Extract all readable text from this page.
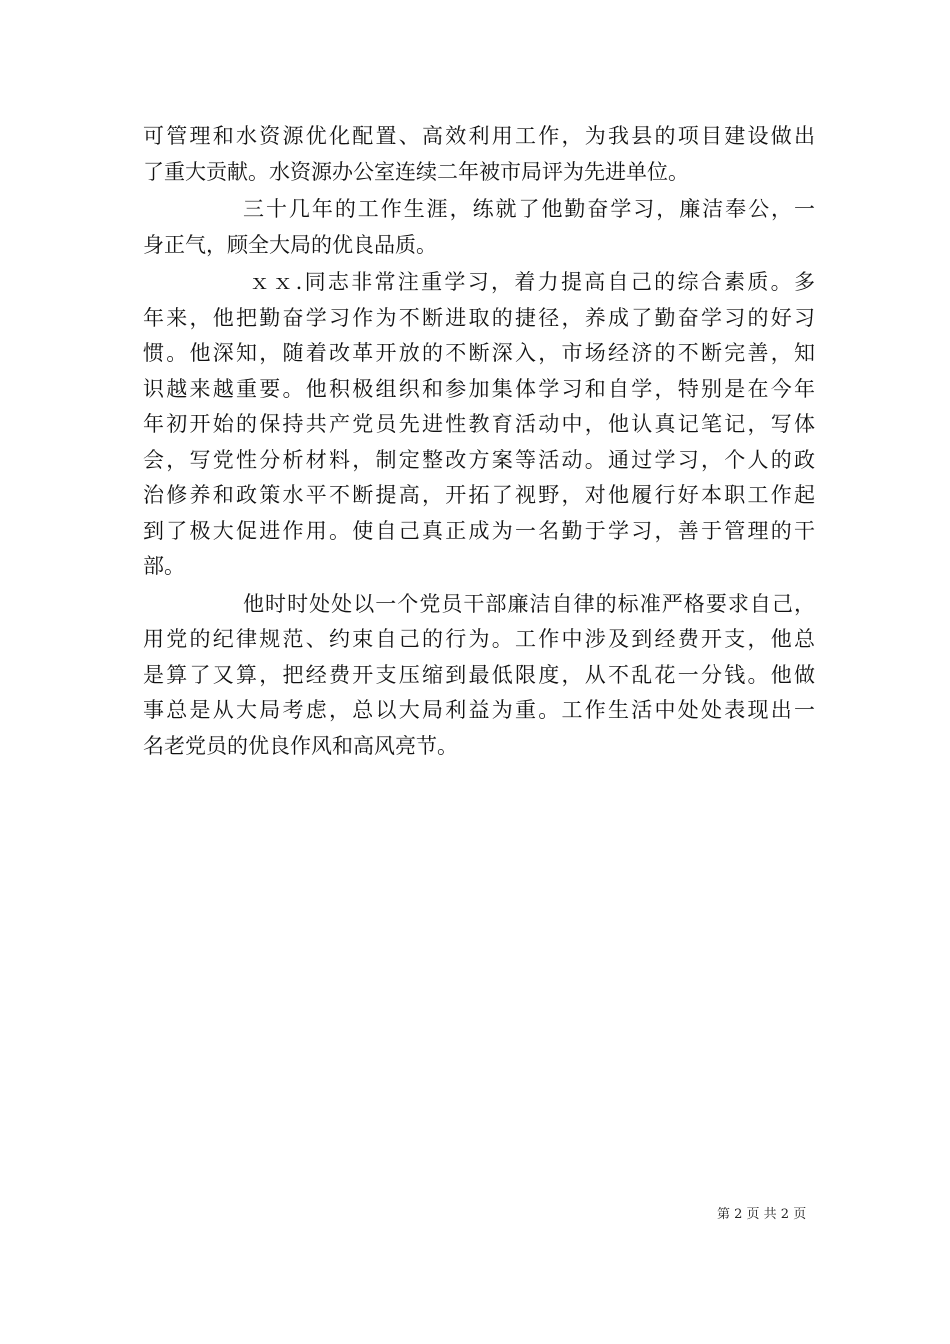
可管理和水资源优化配置、高效利用工作，为我县的项目建设做出
了重大贡献。水资源办公室连续二年被市局评为先进单位。
三十几年的工作生涯，练就了他勤奋学习，廉洁奉公，一
身正气，顾全大局的优良品质。
ｘｘ.同志非常注重学习，着力提高自己的综合素质。多
年来，他把勤奋学习作为不断进取的捷径，养成了勤奋学习的好习
惯。他深知，随着改革开放的不断深入，市场经济的不断完善，知
识越来越重要。他积极组织和参加集体学习和自学，特别是在今年
年初开始的保持共产党员先进性教育活动中，他认真记笔记，写体
会，写党性分析材料，制定整改方案等活动。通过学习，个人的政
治修养和政策水平不断提高，开拓了视野，对他履行好本职工作起
到了极大促进作用。使自己真正成为一名勤于学习，善于管理的干
部。
他时时处处以一个党员干部廉洁自律的标准严格要求自己，
用党的纪律规范、约束自己的行为。工作中涉及到经费开支，他总
是算了又算，把经费开支压缩到最低限度，从不乱花一分钱。他做
事总是从大局考虑，总以大局利益为重。工作生活中处处表现出一
名老党员的优良作风和高风亮节。
第 2 页 共 2 页
